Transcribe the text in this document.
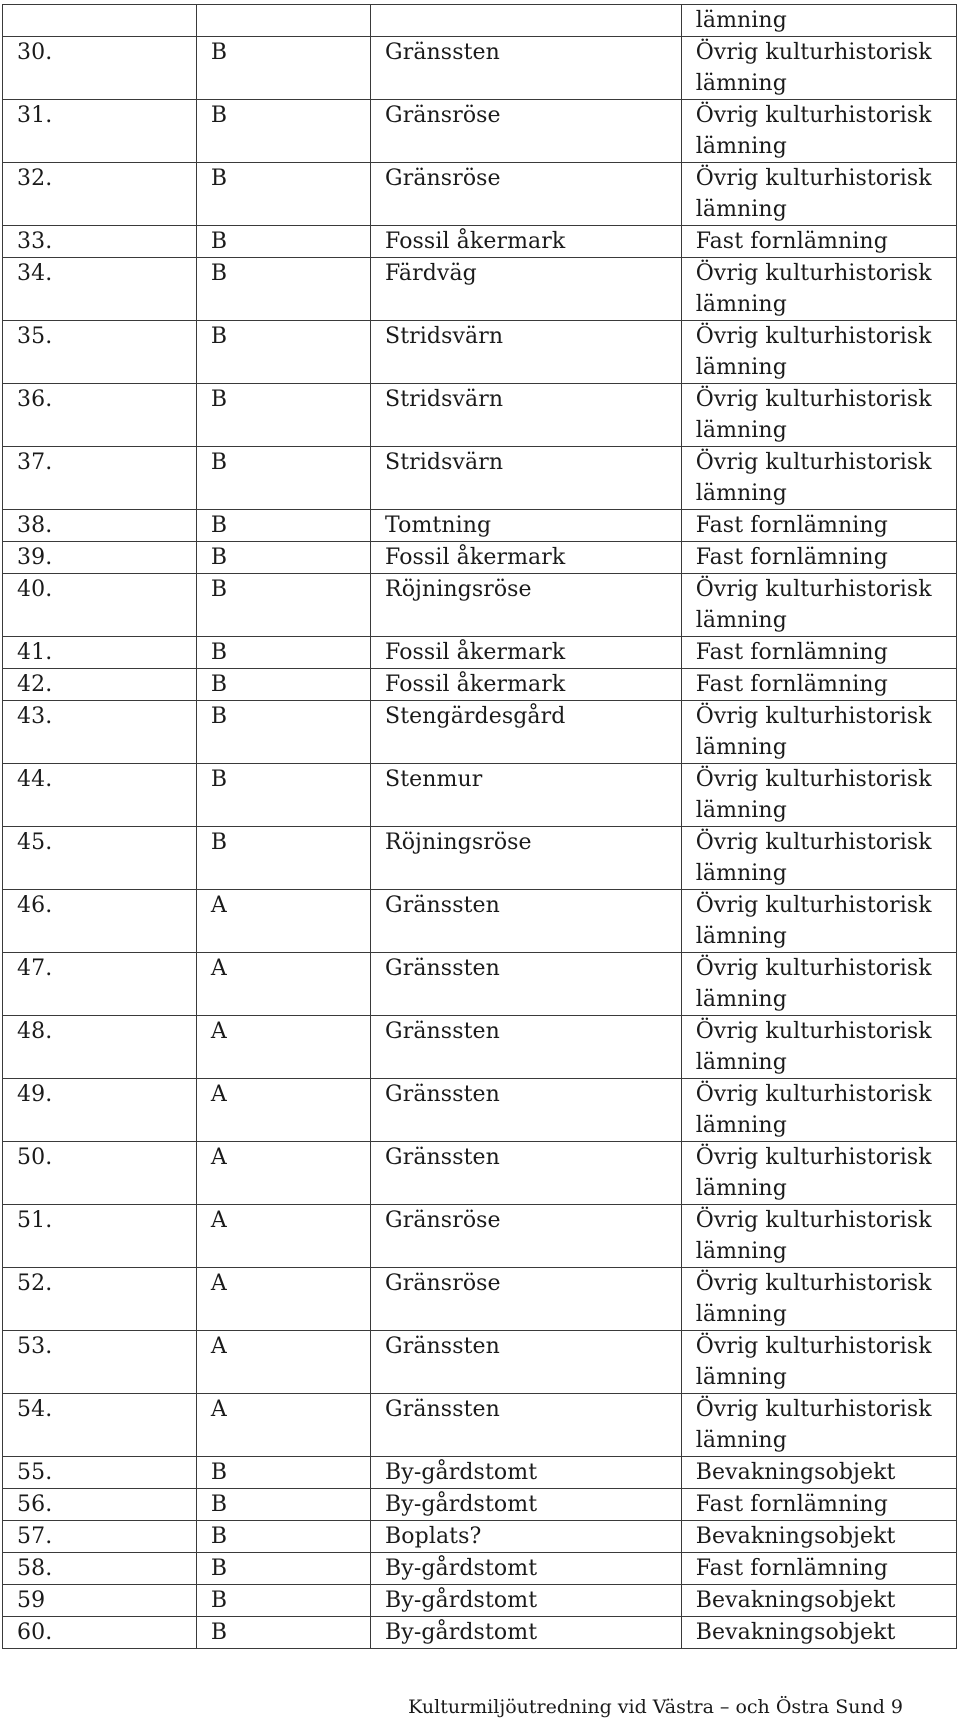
			lämning
30.	B	Gränssten	Övrig kulturhistorisk lämning
31.	B	Gränsröse	Övrig kulturhistorisk lämning
32.	B	Gränsröse	Övrig kulturhistorisk lämning
33.	B	Fossil åkermark	Fast fornlämning
34.	B	Färdväg	Övrig kulturhistorisk lämning
35.	B	Stridsvärn	Övrig kulturhistorisk lämning
36.	B	Stridsvärn	Övrig kulturhistorisk lämning
37.	B	Stridsvärn	Övrig kulturhistorisk lämning
38.	B	Tomtning	Fast fornlämning
39.	B	Fossil åkermark	Fast fornlämning
40.	B	Röjningsröse	Övrig kulturhistorisk lämning
41.	B	Fossil åkermark	Fast fornlämning
42.	B	Fossil åkermark	Fast fornlämning
43.	B	Stengärdesgård	Övrig kulturhistorisk lämning
44.	B	Stenmur	Övrig kulturhistorisk lämning
45.	B	Röjningsröse	Övrig kulturhistorisk lämning
46.	A	Gränssten	Övrig kulturhistorisk lämning
47.	A	Gränssten	Övrig kulturhistorisk lämning
48.	A	Gränssten	Övrig kulturhistorisk lämning
49.	A	Gränssten	Övrig kulturhistorisk lämning
50.	A	Gränssten	Övrig kulturhistorisk lämning
51.	A	Gränsröse	Övrig kulturhistorisk lämning
52.	A	Gränsröse	Övrig kulturhistorisk lämning
53.	A	Gränssten	Övrig kulturhistorisk lämning
54.	A	Gränssten	Övrig kulturhistorisk lämning
55.	B	By-gårdstomt	Bevakningsobjekt
56.	B	By-gårdstomt	Fast fornlämning
57.	B	Boplats?	Bevakningsobjekt
58.	B	By-gårdstomt	Fast fornlämning
59	B	By-gårdstomt	Bevakningsobjekt
60.	B	By-gårdstomt	Bevakningsobjekt
Kulturmiljöutredning vid Västra – och Östra Sund 9
